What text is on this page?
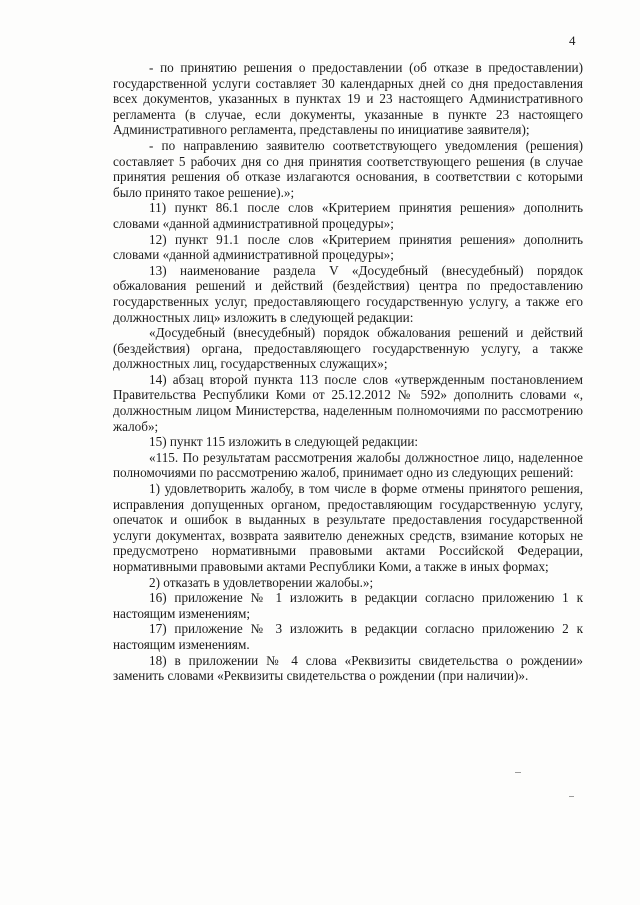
4

- по принятию решения о предоставлении (об отказе в предоставлении) государственной услуги составляет 30 календарных дней со дня предоставления всех документов, указанных в пунктах 19 и 23 настоящего Административного регламента (в случае, если документы, указанные в пункте 23 настоящего Административного регламента, представлены по инициативе заявителя);

- по направлению заявителю соответствующего уведомления (решения) составляет 5 рабочих дня со дня принятия соответствующего решения (в случае принятия решения об отказе излагаются основания, в соответствии с которыми было принято такое решение).»;

11) пункт 86.1 после слов «Критерием принятия решения» дополнить словами «данной административной процедуры»;

12) пункт 91.1 после слов «Критерием принятия решения» дополнить словами «данной административной процедуры»;

13) наименование раздела V «Досудебный (внесудебный) порядок обжалования решений и действий (бездействия) центра по предоставлению государственных услуг, предоставляющего государственную услугу, а также его должностных лиц» изложить в следующей редакции:

«Досудебный (внесудебный) порядок обжалования решений и действий (бездействия) органа, предоставляющего государственную услугу, а также должностных лиц, государственных служащих»;

14) абзац второй пункта 113 после слов «утвержденным постановлением Правительства Республики Коми от 25.12.2012 № 592» дополнить словами «, должностным лицом Министерства, наделенным полномочиями по рассмотрению жалоб»;

15) пункт 115 изложить в следующей редакции:

«115. По результатам рассмотрения жалобы должностное лицо, наделенное полномочиями по рассмотрению жалоб, принимает одно из следующих решений:

1) удовлетворить жалобу, в том числе в форме отмены принятого решения, исправления допущенных органом, предоставляющим государственную услугу, опечаток и ошибок в выданных в результате предоставления государственной услуги документах, возврата заявителю денежных средств, взимание которых не предусмотрено нормативными правовыми актами Российской Федерации, нормативными правовыми актами Республики Коми, а также в иных формах;

2) отказать в удовлетворении жалобы.»;

16) приложение № 1 изложить в редакции согласно приложению 1 к настоящим изменениям;

17) приложение № 3 изложить в редакции согласно приложению 2 к настоящим изменениям.

18) в приложении № 4 слова «Реквизиты свидетельства о рождении» заменить словами «Реквизиты свидетельства о рождении (при наличии)».
